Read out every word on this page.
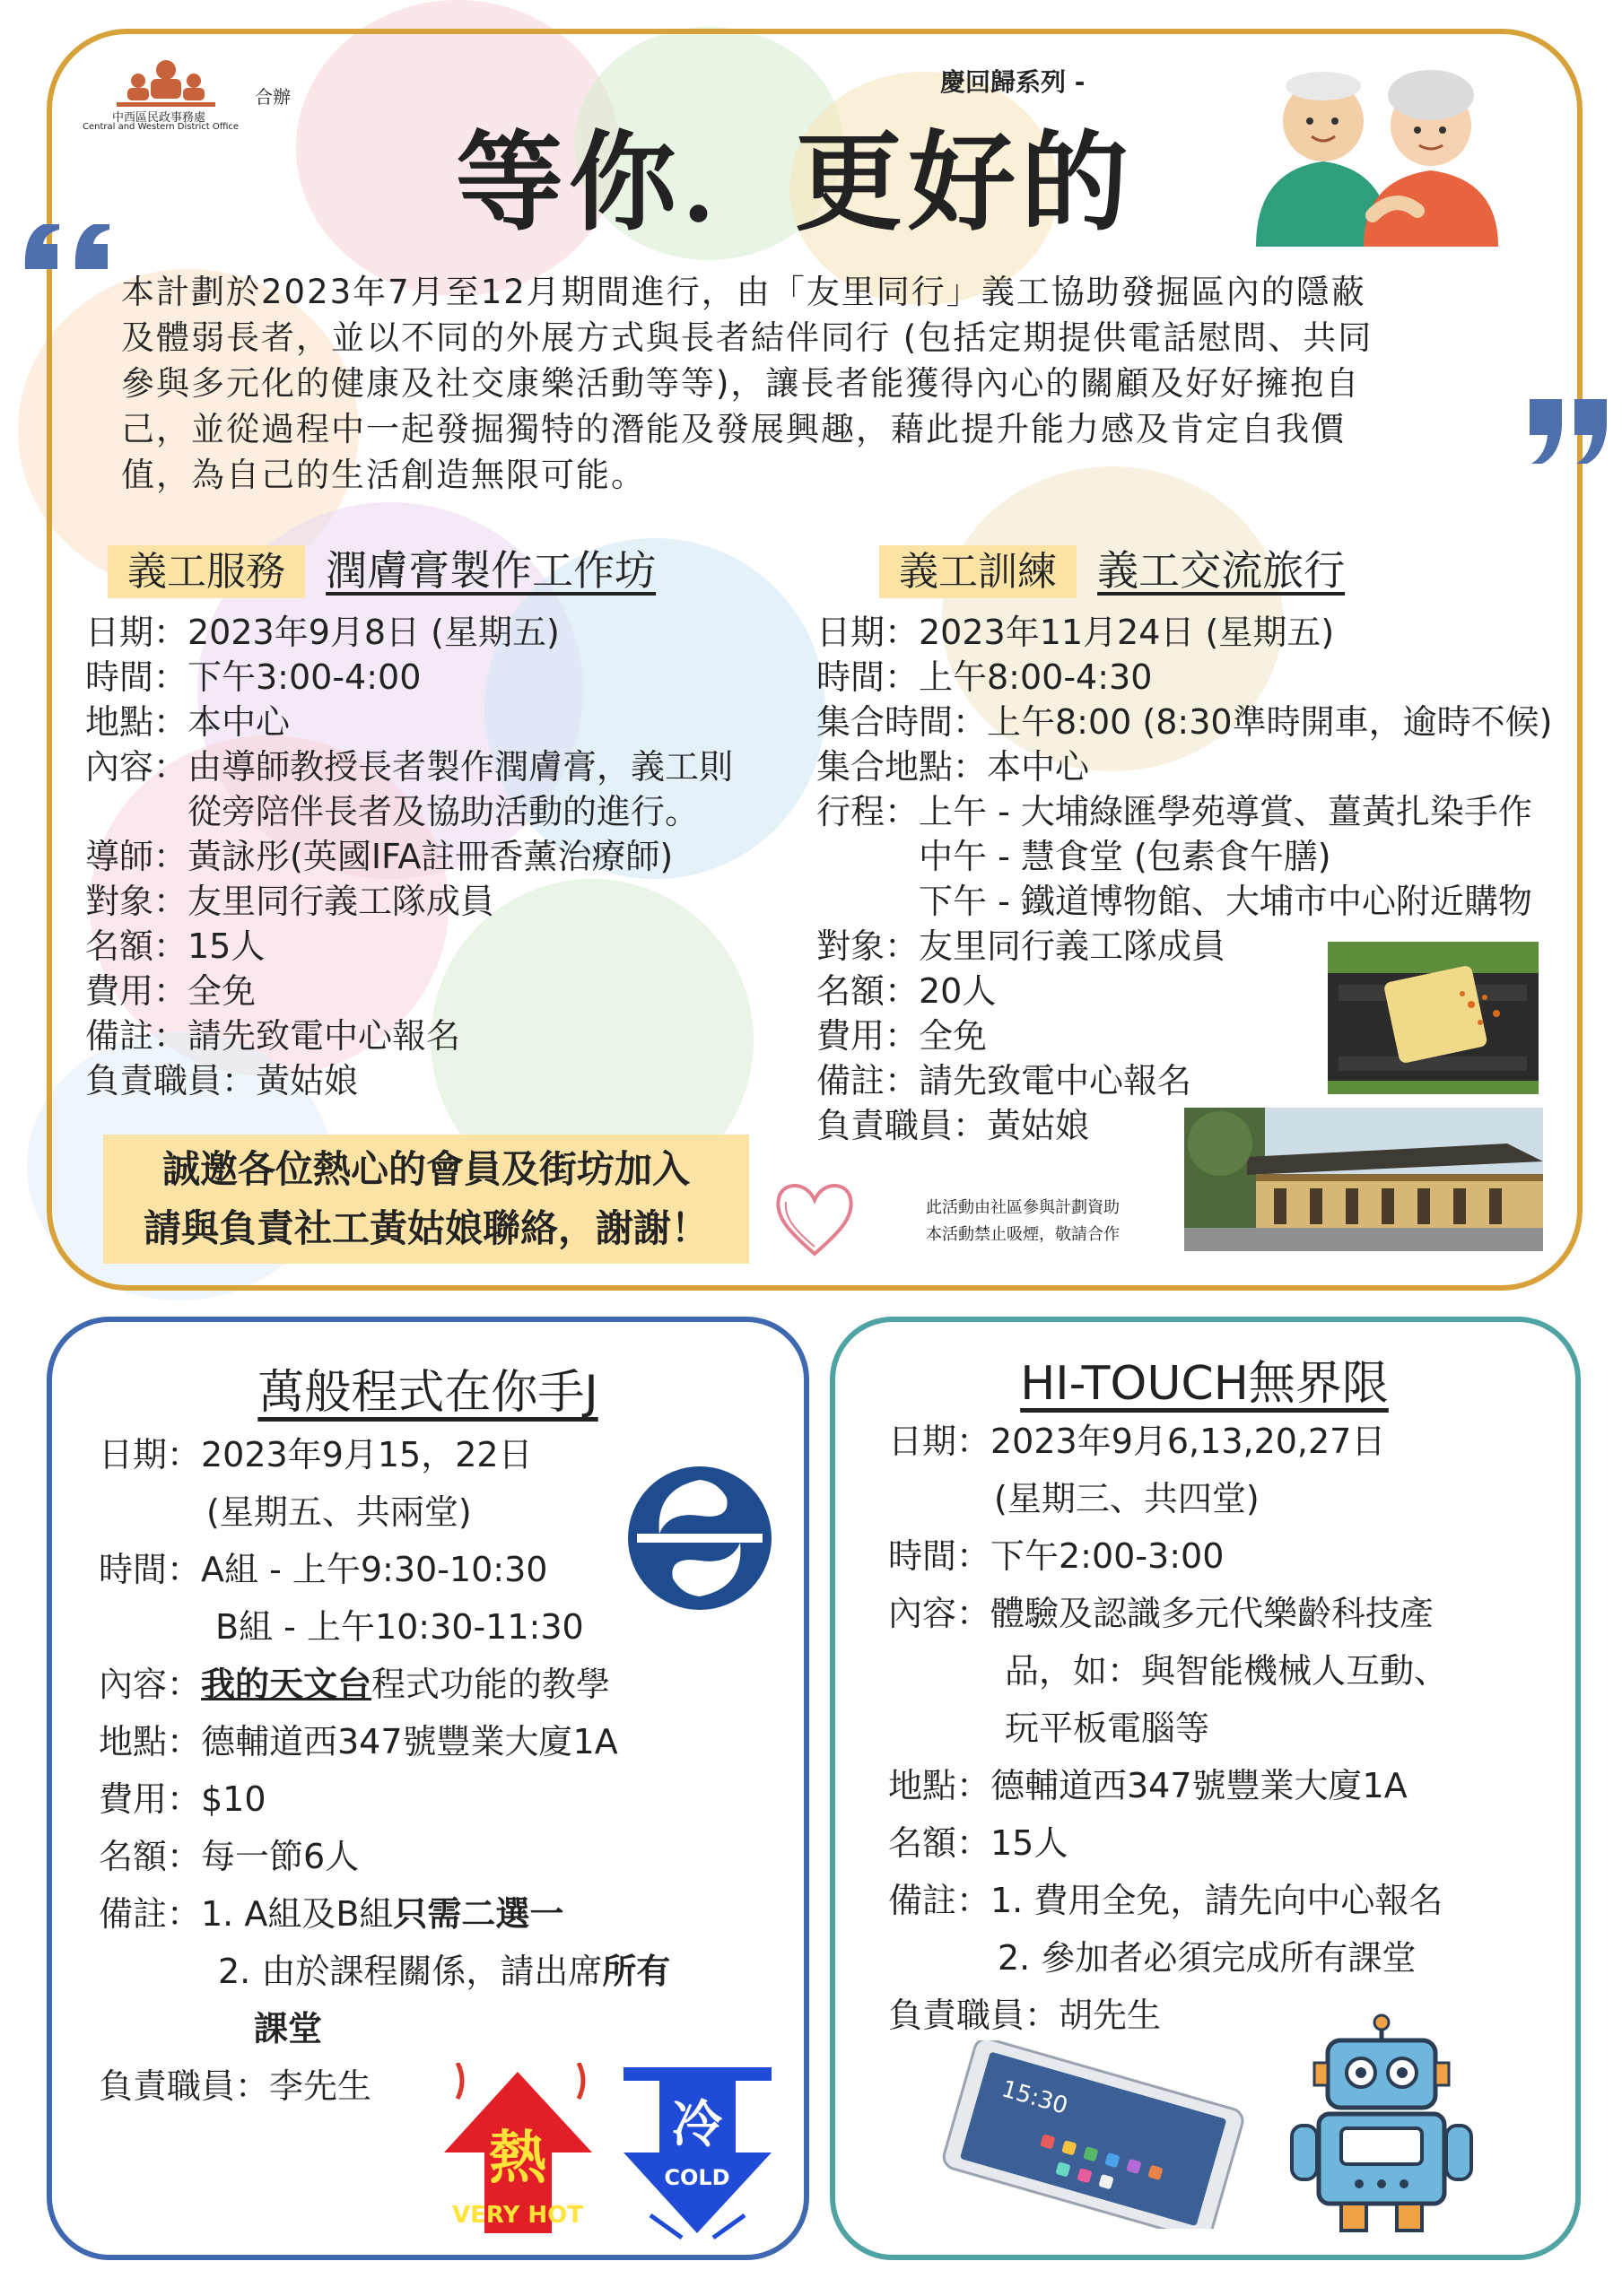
中西區民政事務處
Central and Western District Office
合辦	慶回歸系列 -
等你．更好的
本計劃於2023年7月至12月期間進行，由「友里同行」義工協助發掘區內的隱蔽
及體弱長者，並以不同的外展方式與長者結伴同行 (包括定期提供電話慰問、共同
參與多元化的健康及社交康樂活動等等)，讓長者能獲得內心的關顧及好好擁抱自
己，並從過程中一起發掘獨特的潛能及發展興趣，藉此提升能力感及肯定自我價
值，為自己的生活創造無限可能。
義工服務 潤膚膏製作工作坊
日期：2023年9月8日 (星期五)
時間：下午3:00-4:00
地點：本中心
內容：由導師教授長者製作潤膚膏，義工則
從旁陪伴長者及協助活動的進行。
導師：黃詠彤(英國IFA註冊香薰治療師)
對象：友里同行義工隊成員
名額：15人
費用：全免
備註：請先致電中心報名
負責職員：黃姑娘
義工訓練 義工交流旅行
日期：2023年11月24日 (星期五)
時間：上午8:00-4:30
集合時間：上午8:00 (8:30準時開車，逾時不候)
集合地點：本中心
行程：上午 - 大埔綠匯學苑導賞、薑黃扎染手作
中午 - 慧食堂 (包素食午膳)
下午 - 鐵道博物館、大埔市中心附近購物
對象：友里同行義工隊成員
名額：20人
費用：全免
備註：請先致電中心報名
負責職員：黃姑娘
誠邀各位熱心的會員及街坊加入
請與負責社工黃姑娘聯絡，謝謝！	此活動由社區參與計劃資助
本活動禁止吸煙，敬請合作
萬般程式在你手J
日期：2023年9月15，22日
(星期五、共兩堂)
時間：A組 - 上午9:30-10:30
B組 - 上午10:30-11:30
內容：我的天文台程式功能的教學
地點：德輔道西347號豐業大廈1A
費用：$10
名額：每一節6人
備註：1. A組及B組只需二選一
2. 由於課程關係，請出席所有
課堂
負責職員：李先生
熱
VERY HOT
冷
COLD
HI-TOUCH無界限
日期：2023年9月6,13,20,27日
(星期三、共四堂)
時間：下午2:00-3:00
內容：體驗及認識多元代樂齡科技產
品，如：與智能機械人互動、
玩平板電腦等
地點：德輔道西347號豐業大廈1A
名額：15人
備註：1. 費用全免，請先向中心報名
2. 參加者必須完成所有課堂
負責職員：胡先生
15:30
